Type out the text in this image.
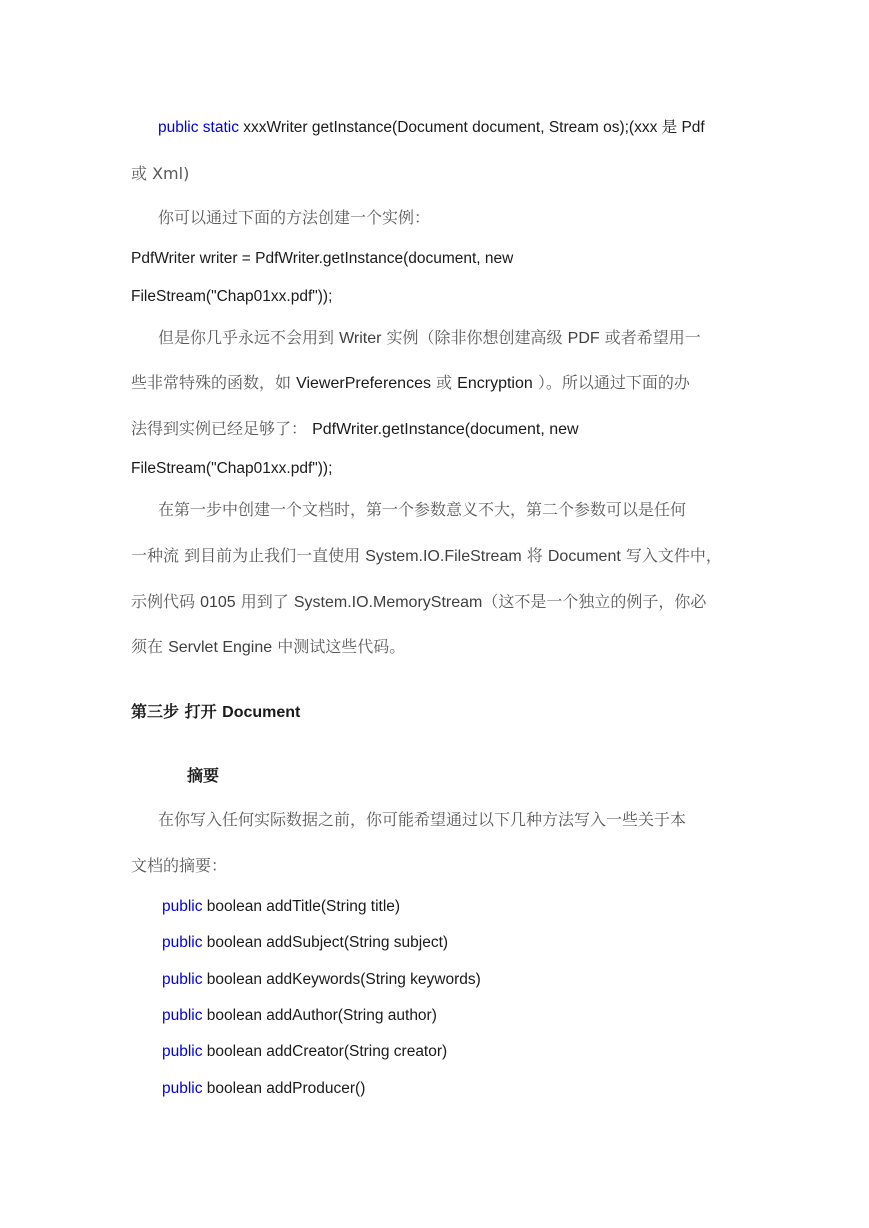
public static xxxWriter getInstance(Document document, Stream os);(xxx 是 Pdf
或 Xml)
你可以通过下面的方法创建一个实例：
PdfWriter writer = PdfWriter.getInstance(document, new
FileStream("Chap01xx.pdf"));
但是你几乎永远不会用到 Writer 实例（除非你想创建高级 PDF 或者希望用一
些非常特殊的函数，如 ViewerPreferences 或 Encryption ）。所以通过下面的办
法得到实例已经足够了： PdfWriter.getInstance(document, new
FileStream("Chap01xx.pdf"));
在第一步中创建一个文档时，第一个参数意义不大，第二个参数可以是任何
一种流 到目前为止我们一直使用 System.IO.FileStream 将 Document 写入文件中，
示例代码 0105 用到了 System.IO.MemoryStream（这不是一个独立的例子，你必
须在 Servlet Engine 中测试这些代码。
第三步 打开 Document
摘要
在你写入任何实际数据之前，你可能希望通过以下几种方法写入一些关于本
文档的摘要：
public boolean addTitle(String title)
public boolean addSubject(String subject)
public boolean addKeywords(String keywords)
public boolean addAuthor(String author)
public boolean addCreator(String creator)
public boolean addProducer()
